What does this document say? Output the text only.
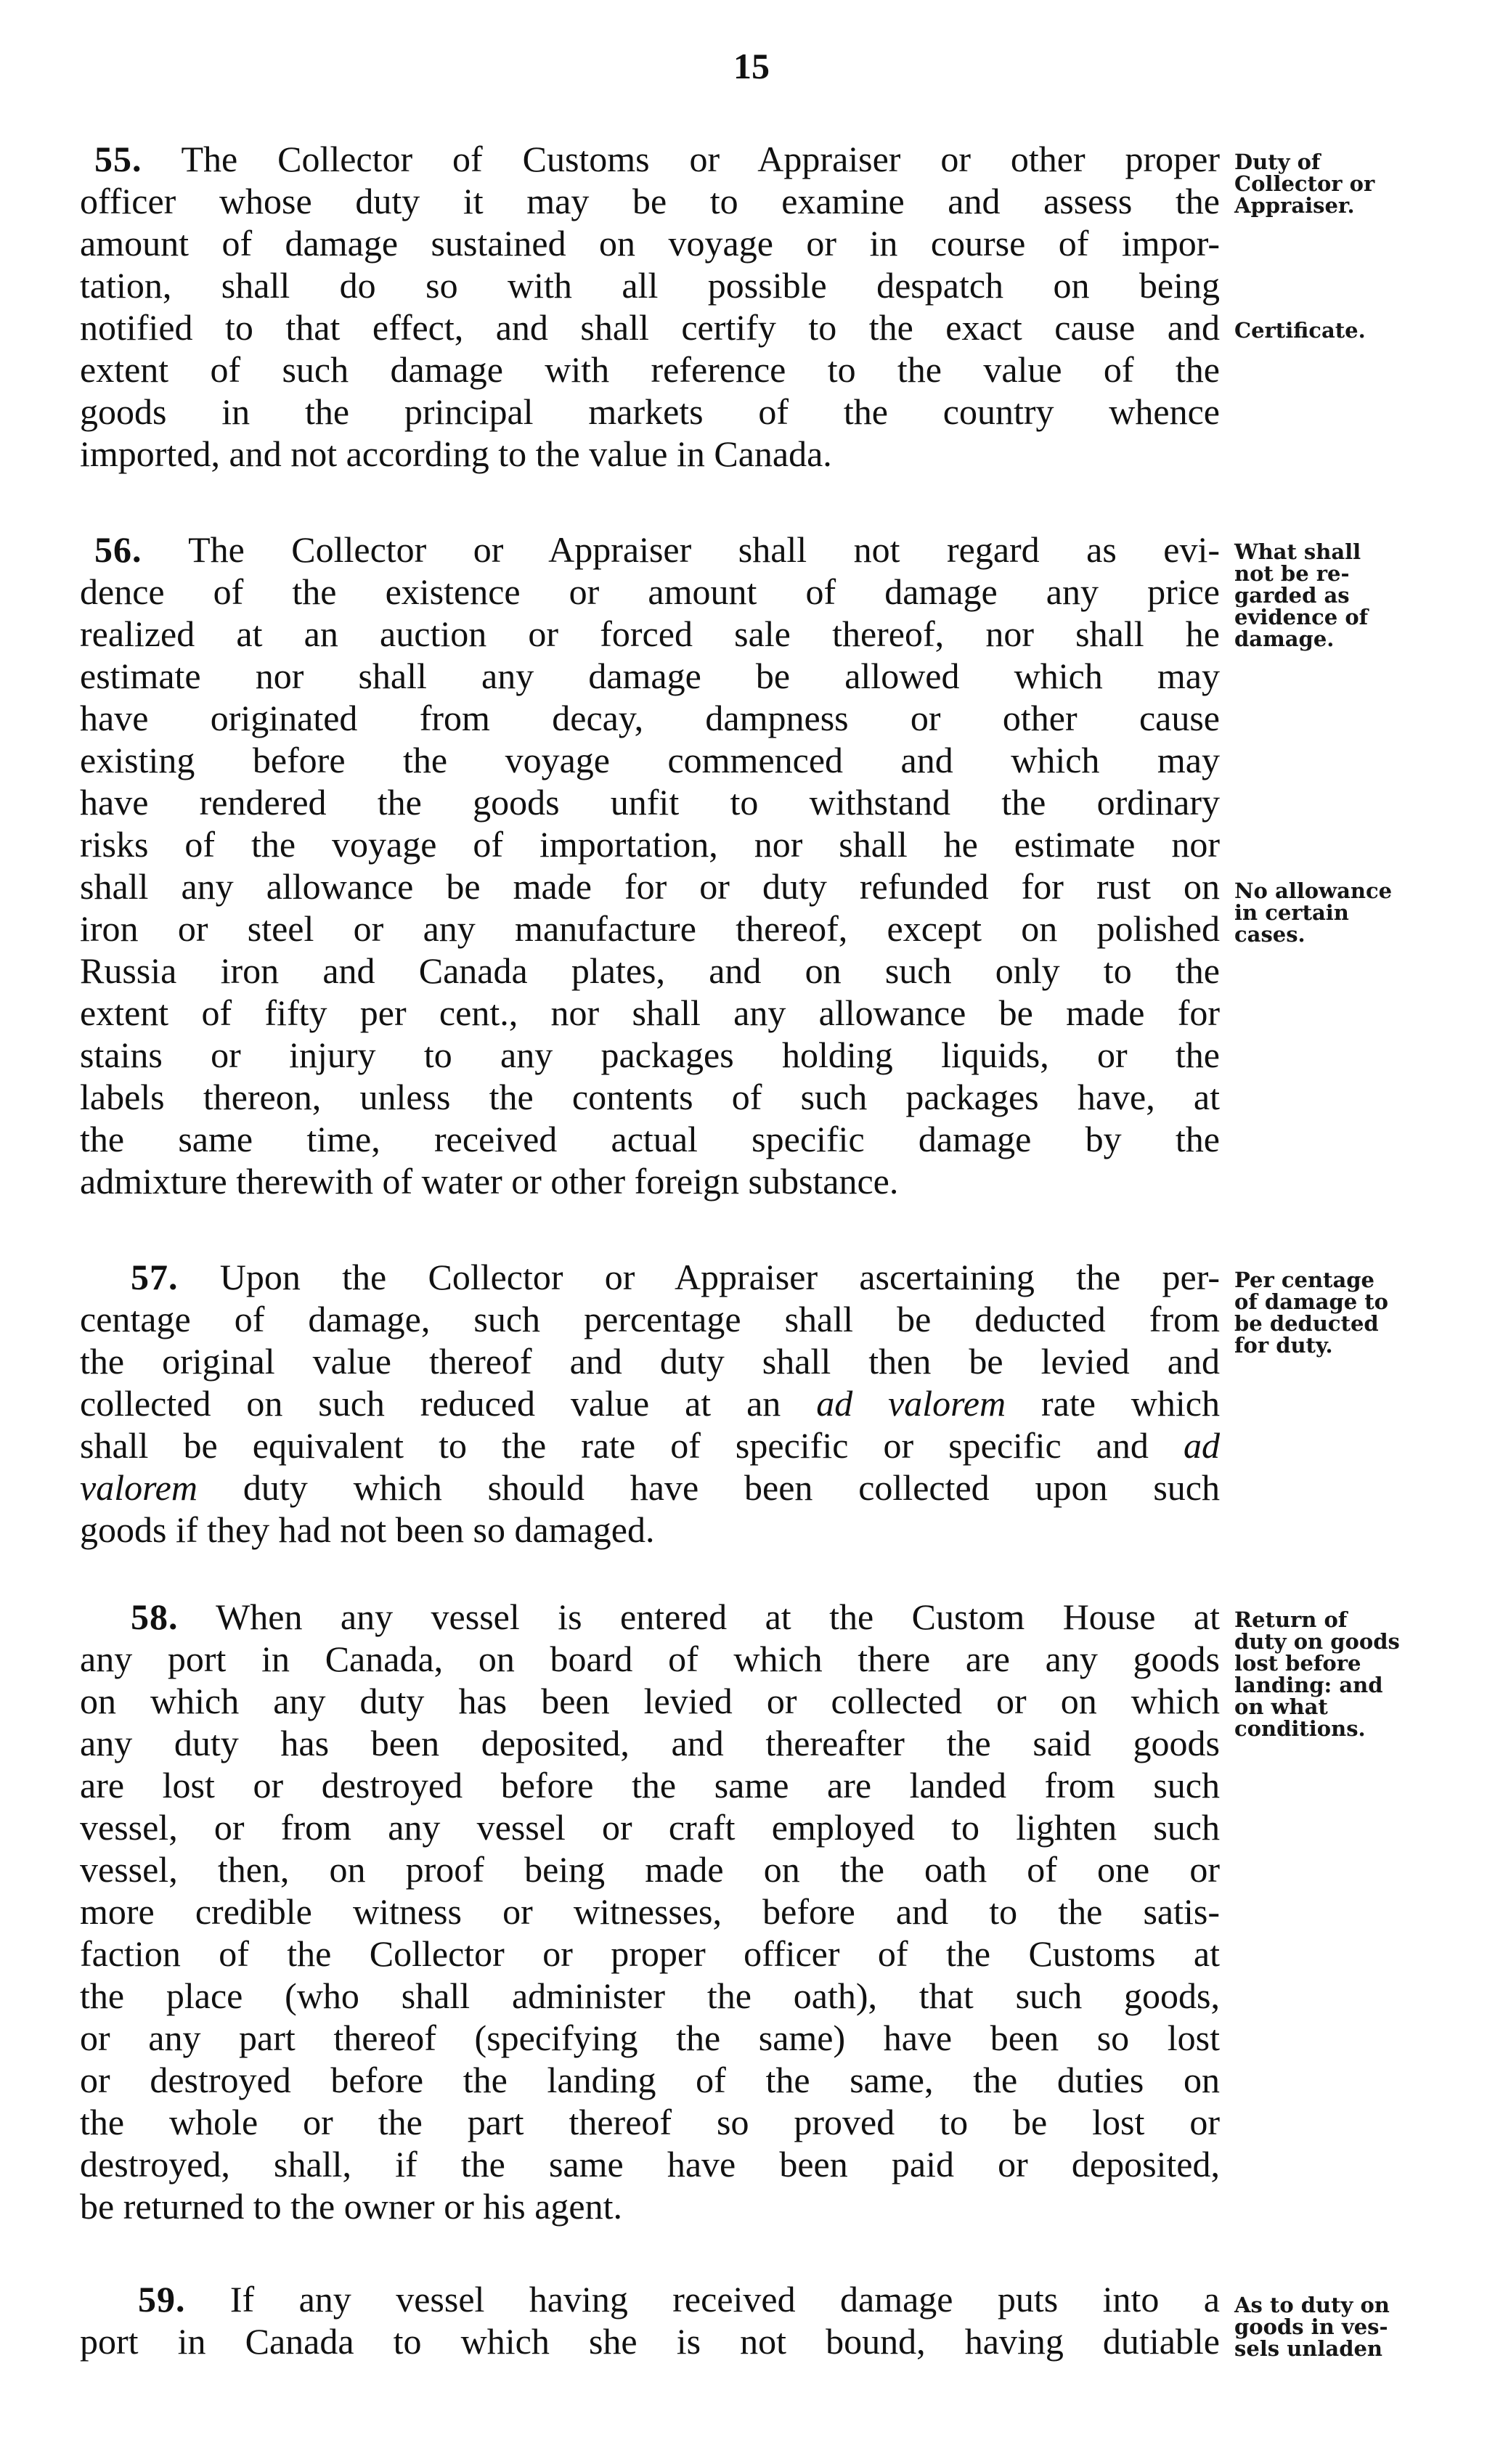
15
55. The Collector of Customs or Appraiser or other proper
officer whose duty it may be to examine and assess the
amount of damage sustained on voyage or in course of impor-
tation, shall do so with all possible despatch on being
notified to that effect, and shall certify to the exact cause and
extent of such damage with reference to the value of the
goods in the principal markets of the country whence
imported, and not according to the value in Canada.
Duty of
Collector or
Appraiser.
Certificate.
56. The Collector or Appraiser shall not regard as evi-
dence of the existence or amount of damage any price
realized at an auction or forced sale thereof, nor shall he
estimate nor shall any damage be allowed which may
have originated from decay, dampness or other cause
existing before the voyage commenced and which may
have rendered the goods unfit to withstand the ordinary
risks of the voyage of importation, nor shall he estimate nor
shall any allowance be made for or duty refunded for rust on
iron or steel or any manufacture thereof, except on polished
Russia iron and Canada plates, and on such only to the
extent of fifty per cent., nor shall any allowance be made for
stains or injury to any packages holding liquids, or the
labels thereon, unless the contents of such packages have, at
the same time, received actual specific damage by the
admixture therewith of water or other foreign substance.
What shall
not be re-
garded as
evidence of
damage.
No allowance
in certain
cases.
57. Upon the Collector or Appraiser ascertaining the per-
centage of damage, such percentage shall be deducted from
the original value thereof and duty shall then be levied and
collected on such reduced value at an ad valorem rate which
shall be equivalent to the rate of specific or specific and ad
valorem duty which should have been collected upon such
goods if they had not been so damaged.
Per centage
of damage to
be deducted
for duty.
58. When any vessel is entered at the Custom House at
any port in Canada, on board of which there are any goods
on which any duty has been levied or collected or on which
any duty has been deposited, and thereafter the said goods
are lost or destroyed before the same are landed from such
vessel, or from any vessel or craft employed to lighten such
vessel, then, on proof being made on the oath of one or
more credible witness or witnesses, before and to the satis-
faction of the Collector or proper officer of the Customs at
the place (who shall administer the oath), that such goods,
or any part thereof (specifying the same) have been so lost
or destroyed before the landing of the same, the duties on
the whole or the part thereof so proved to be lost or
destroyed, shall, if the same have been paid or deposited,
be returned to the owner or his agent.
Return of
duty on goods
lost before
landing: and
on what
conditions.
59. If any vessel having received damage puts into a
port in Canada to which she is not bound, having dutiable
As to duty on
goods in ves-
sels unladen
